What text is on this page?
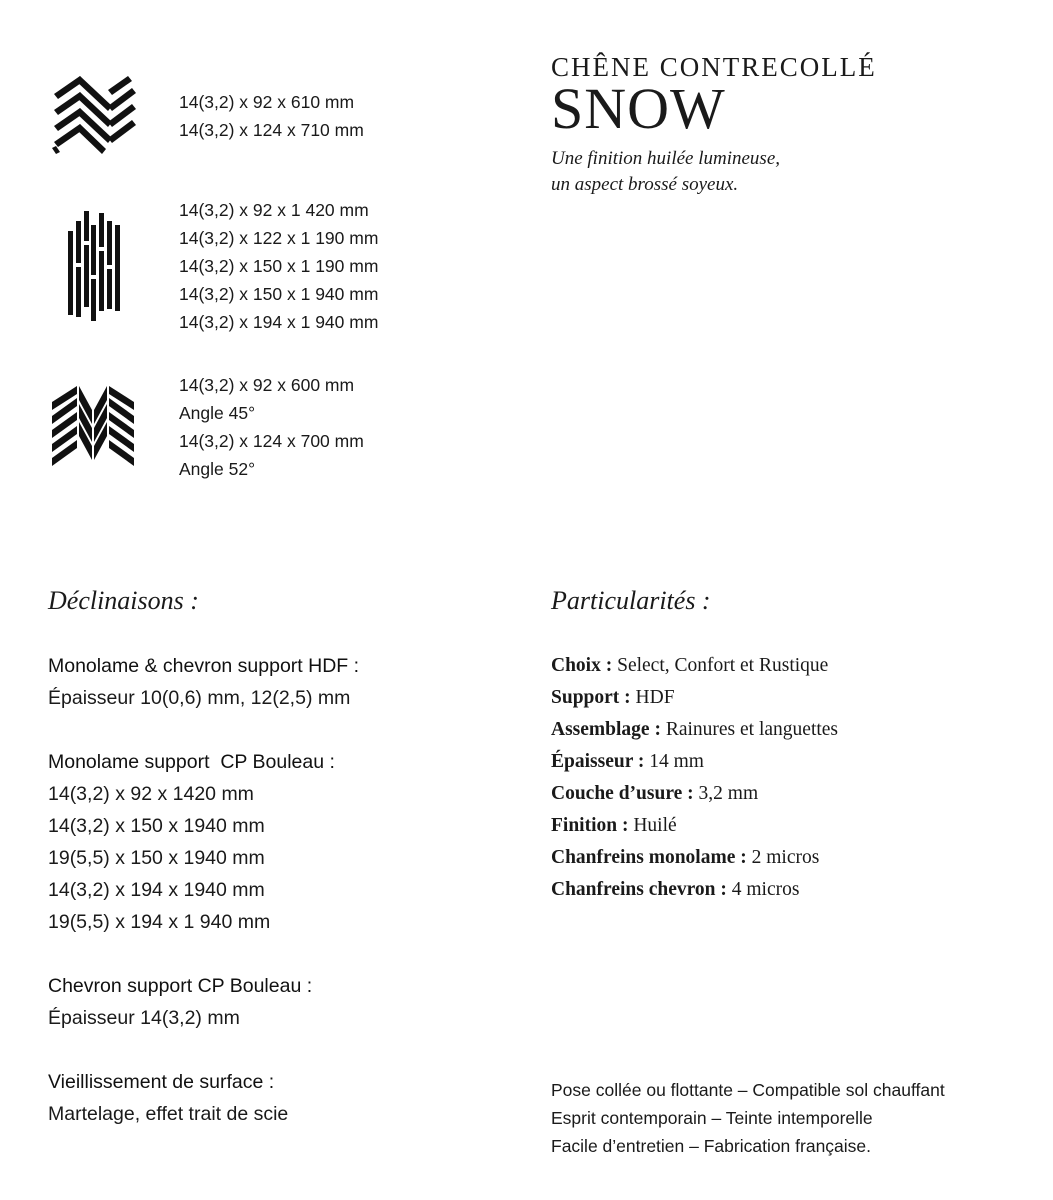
14(3,2) x 92 x 610 mm
14(3,2) x 124 x 710 mm
14(3,2) x 92 x 1 420 mm
14(3,2) x 122 x 1 190 mm
14(3,2) x 150 x 1 190 mm
14(3,2) x 150 x 1 940 mm
14(3,2) x 194 x 1 940 mm
14(3,2) x 92 x 600 mm
Angle 45°
14(3,2) x 124 x 700 mm
Angle 52°
CHÊNE CONTRECOLLÉ
SNOW
Une finition huilée lumineuse,
un aspect brossé soyeux.
Déclinaisons :	Particularités :
Monolame & chevron support HDF :
Épaisseur 10(0,6) mm, 12(2,5) mm
Monolame support  CP Bouleau :
14(3,2) x 92 x 1420 mm
14(3,2) x 150 x 1940 mm
19(5,5) x 150 x 1940 mm
14(3,2) x 194 x 1940 mm
19(5,5) x 194 x 1 940 mm
Chevron support CP Bouleau :
Épaisseur 14(3,2) mm
Vieillissement de surface :
Martelage, effet trait de scie
Choix : Select, Confort et Rustique
Support : HDF
Assemblage : Rainures et languettes
Épaisseur : 14 mm
Couche d’usure : 3,2 mm
Finition : Huilé
Chanfreins monolame : 2 micros
Chanfreins chevron : 4 micros
Pose collée ou flottante – Compatible sol chauffant
Esprit contemporain – Teinte intemporelle
Facile d’entretien – Fabrication française.
